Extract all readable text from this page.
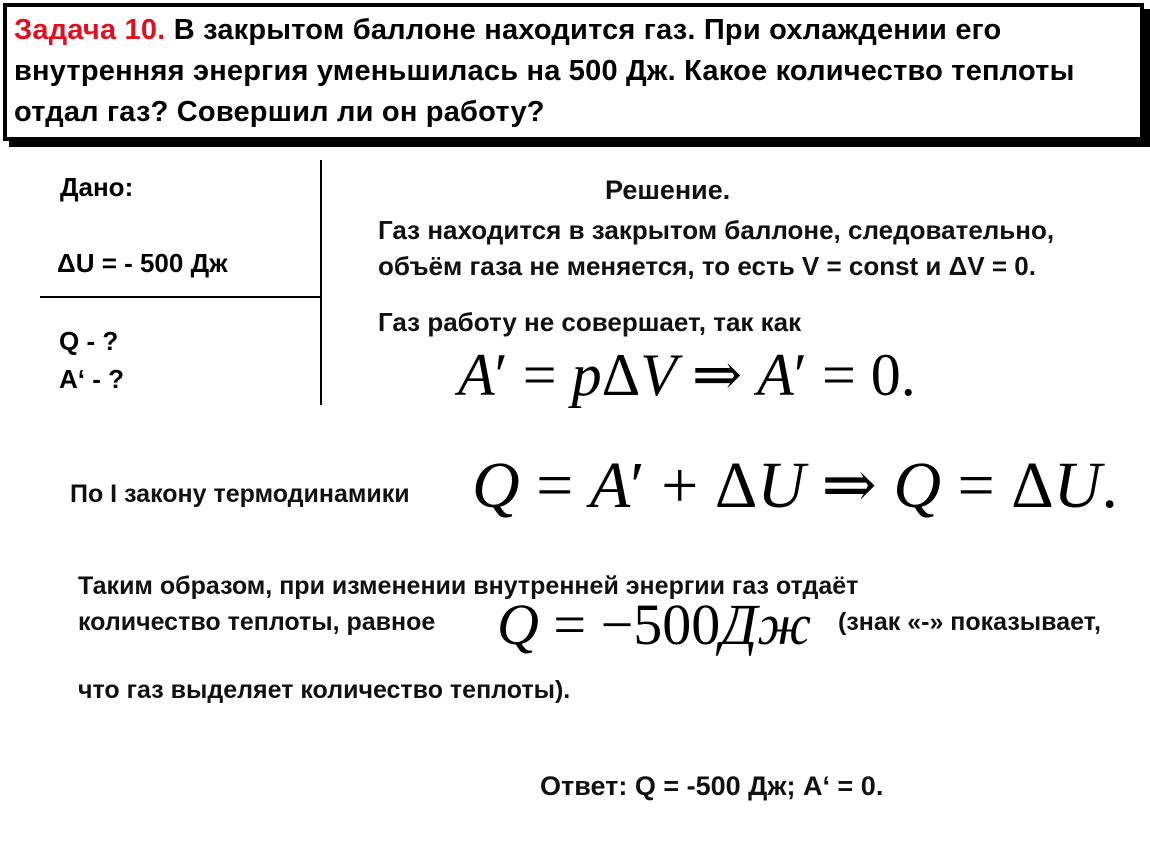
Задача 10. В закрытом баллоне находится газ. При охлаждении его внутренняя энергия уменьшилась на 500 Дж. Какое количество теплоты отдал газ? Совершил ли он работу?
Дано:
ΔU = - 500 Дж
Q - ?
A‘ - ?
Решение.
Газ находится в закрытом баллоне, следовательно,
объём газа не меняется, то есть V = const и ΔV = 0.
Газ работу не совершает, так как
A′ = pΔV ⇒ A′ = 0.
По I закону термодинамики Q = A′ + ΔU ⇒ Q = ΔU.
Таким образом, при изменении внутренней энергии газ отдаёт
количество теплоты, равное Q = −500Дж (знак «-» показывает,
что газ выделяет количество теплоты).
Ответ: Q = -500 Дж; A‘ = 0.
